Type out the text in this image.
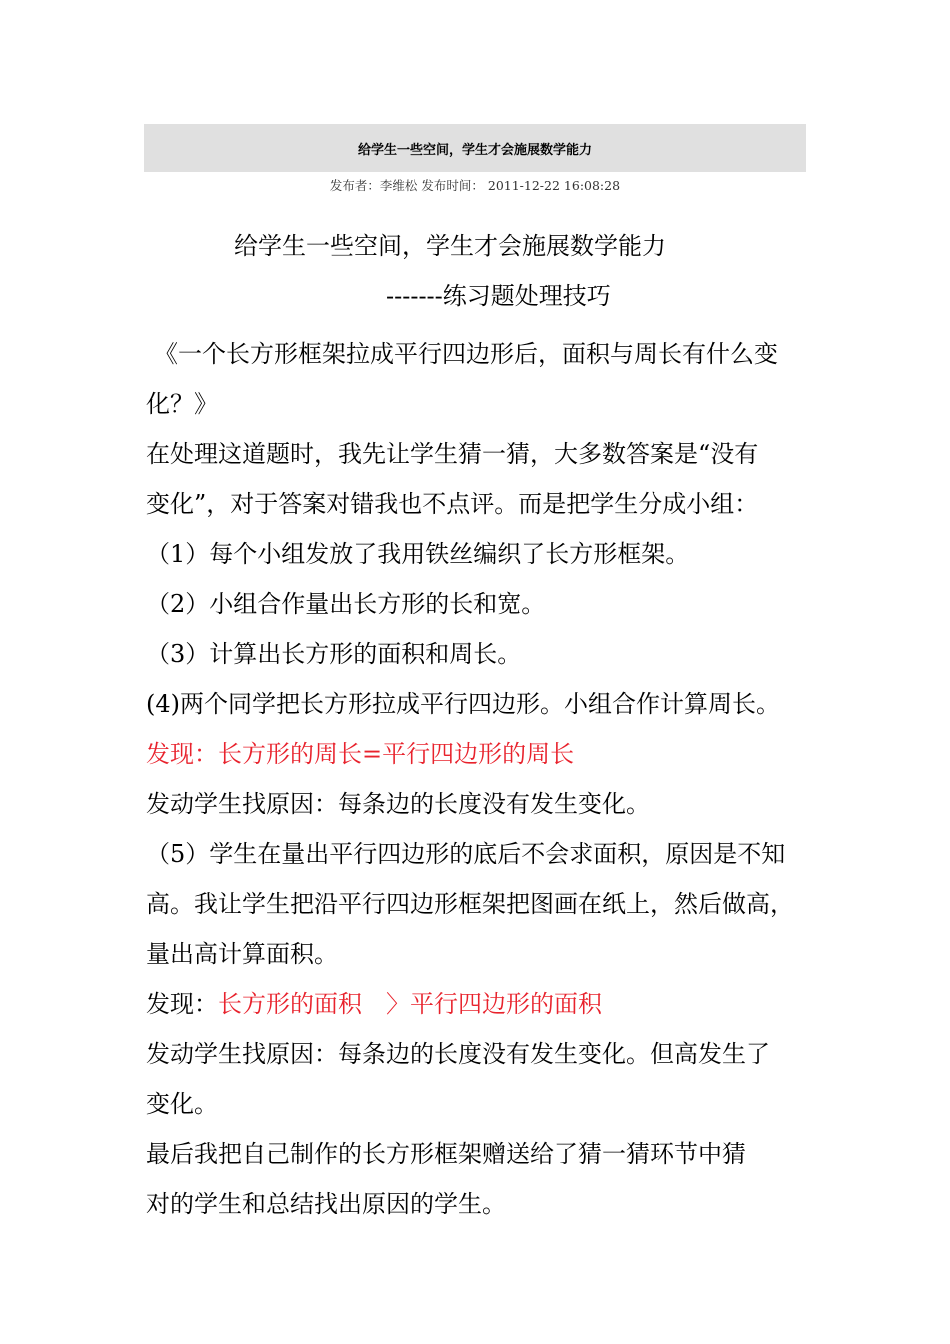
给学生一些空间，学生才会施展数学能力
发布者：李维松 发布时间： 2011-12-22 16:08:28
给学生一些空间，学生才会施展数学能力
-------练习题处理技巧

《一个长方形框架拉成平行四边形后，面积与周长有什么变

化？》

在处理这道题时，我先让学生猜一猜，大多数答案是“没有

变化”，对于答案对错我也不点评。而是把学生分成小组：

（1）每个小组发放了我用铁丝编织了长方形框架。

（2）小组合作量出长方形的长和宽。

（3）计算出长方形的面积和周长。

(4)两个同学把长方形拉成平行四边形。小组合作计算周长。

发现：长方形的周长=平行四边形的周长

发动学生找原因：每条边的长度没有发生变化。

（5）学生在量出平行四边形的底后不会求面积，原因是不知

高。我让学生把沿平行四边形框架把图画在纸上，然后做高，

量出高计算面积。

发现：长方形的面积　〉平行四边形的面积

发动学生找原因：每条边的长度没有发生变化。但高发生了

变化。

最后我把自己制作的长方形框架赠送给了猜一猜环节中猜

对的学生和总结找出原因的学生。
